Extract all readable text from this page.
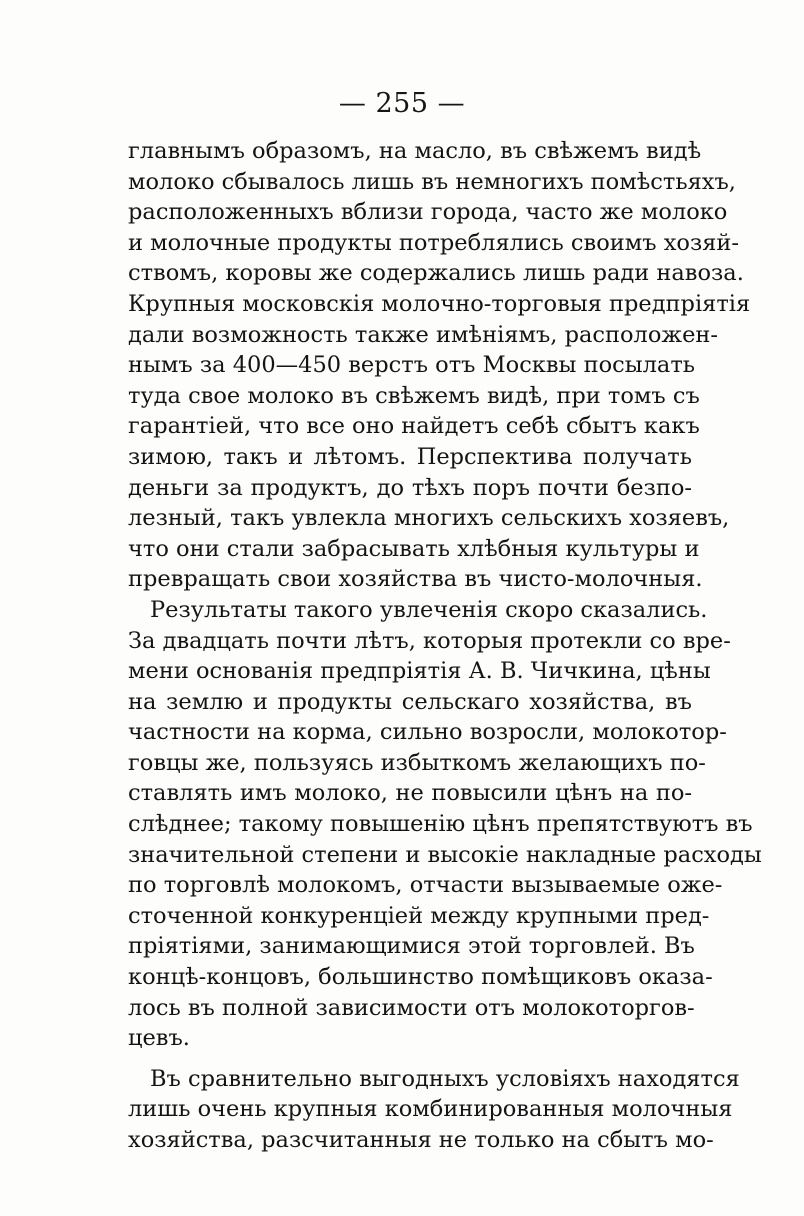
— 255 —

главнымъ образомъ, на масло, въ свѣжемъ видѣ
молоко сбывалось лишь въ немногихъ помѣстьяхъ,
расположенныхъ вблизи города, часто же молоко
и молочные продукты потреблялись своимъ хозяй-
ствомъ, коровы же содержались лишь ради навоза.
Крупныя московскія молочно-торговыя предпріятія
дали возможность также имѣніямъ, расположен-
нымъ за 400—450 верстъ отъ Москвы посылать
туда свое молоко въ свѣжемъ видѣ, при томъ съ
гарантіей, что все оно найдетъ себѣ сбытъ какъ
зимою, такъ и лѣтомъ. Перспектива получать
деньги за продуктъ, до тѣхъ поръ почти безпо-
лезный, такъ увлекла многихъ сельскихъ хозяевъ,
что они стали забрасывать хлѣбныя культуры и
превращать свои хозяйства въ чисто-молочныя.

Результаты такого увлеченія скоро сказались.
За двадцать почти лѣтъ, которыя протекли со вре-
мени основанія предпріятія А. В. Чичкина, цѣны
на землю и продукты сельскаго хозяйства, въ
частности на корма, сильно возросли, молокотор-
говцы же, пользуясь избыткомъ желающихъ по-
ставлять имъ молоко, не повысили цѣнъ на по-
слѣднее; такому повышенію цѣнъ препятствуютъ въ
значительной степени и высокіе накладные расходы
по торговлѣ молокомъ, отчасти вызываемые оже-
сточенной конкуренціей между крупными пред-
пріятіями, занимающимися этой торговлей. Въ
концѣ-концовъ, большинство помѣщиковъ оказа-
лось въ полной зависимости отъ молокоторгов-
цевъ.

Въ сравнительно выгодныхъ условіяхъ находятся
лишь очень крупныя комбинированныя молочныя
хозяйства, разсчитанныя не только на сбытъ мо-
